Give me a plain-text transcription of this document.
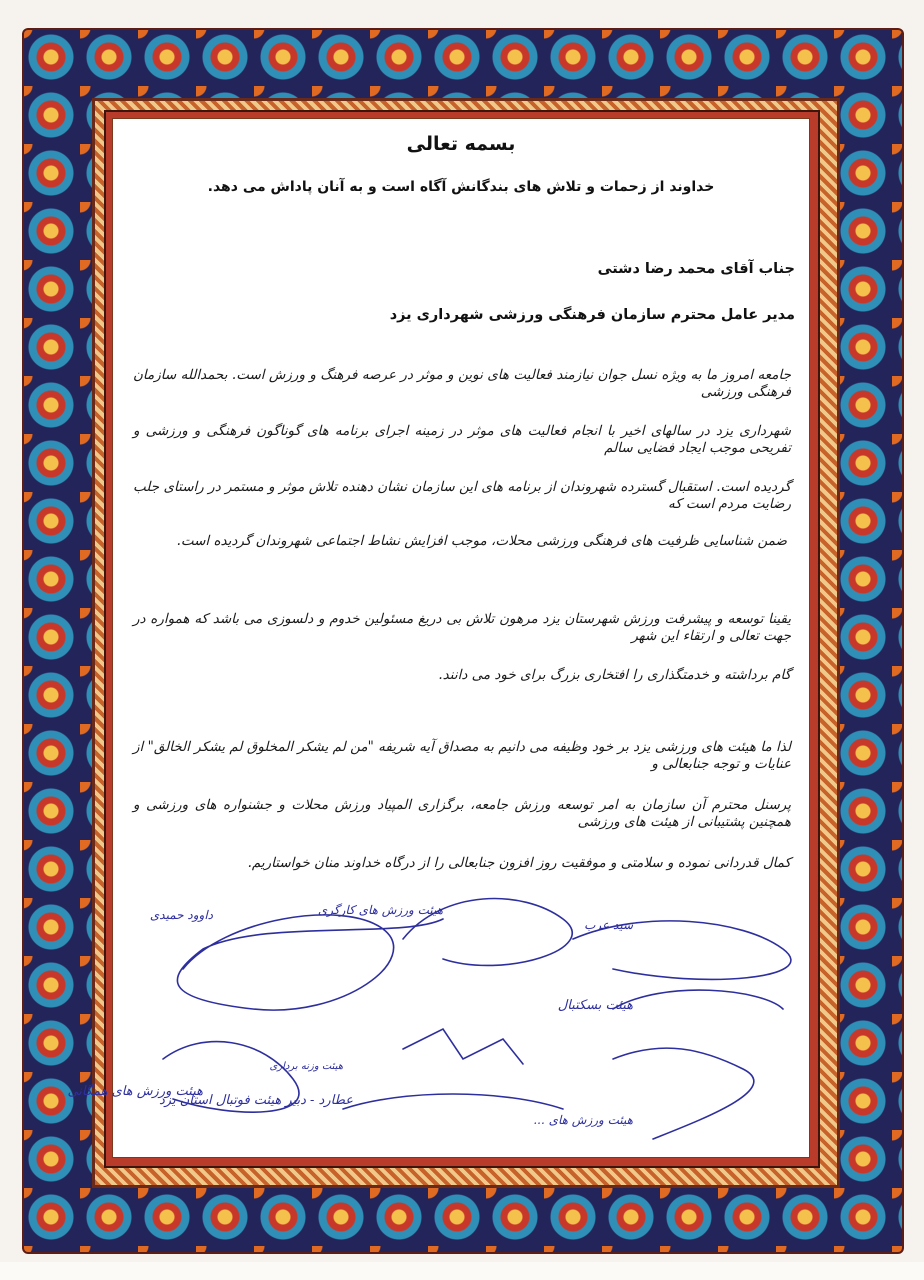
بسمه تعالی
خداوند از زحمات و تلاش های بندگانش آگاه است و به آنان پاداش می دهد.
جناب آقای محمد رضا دشتی
مدیر عامل محترم سازمان فرهنگی ورزشی شهرداری یزد
جامعه امروز ما به ویژه نسل جوان نیازمند فعالیت های نوین و موثر در عرصه فرهنگ و ورزش است. بحمدالله سازمان فرهنگی ورزشی
شهرداری یزد در سالهای اخیر با انجام فعالیت های موثر در زمینه اجرای برنامه های گوناگون فرهنگی و ورزشی و تفریحی موجب ایجاد فضایی سالم
گردیده است. استقبال گسترده شهروندان از برنامه های این سازمان نشان دهنده تلاش موثر و مستمر در راستای جلب رضایت مردم است که
ضمن شناسایی ظرفیت های فرهنگی ورزشی محلات، موجب افزایش نشاط اجتماعی شهروندان گردیده است.
یقینا توسعه و پیشرفت ورزش شهرستان یزد مرهون تلاش بی دریغ مسئولین خدوم و دلسوزی می باشد که همواره در جهت تعالی و ارتقاء این شهر
گام برداشته و خدمتگذاری را افتخاری بزرگ برای خود می دانند.
لذا ما هیئت های ورزشی یزد بر خود وظیفه می دانیم به مصداق آیه شریفه "من لم یشکر المخلوق لم یشکر الخالق" از عنایات و توجه جنابعالی و
پرسنل محترم آن سازمان به امر توسعه ورزش جامعه، برگزاری المپیاد ورزش محلات و جشنواره های ورزشی و همچنین پشتیبانی از هیئت های ورزشی
کمال قدردانی نموده و سلامتی و موفقیت روز افزون جنابعالی را از درگاه خداوند منان خواستاریم.
داوود حمیدی	هیئت ورزش های کارگری
سید عرب
هیئت بسکتبال
هیئت ورزش های همگانی
عطارد - دبیر هیئت فوتبال استان یزد
هیئت وزنه برداری
هیئت ورزش های ...
